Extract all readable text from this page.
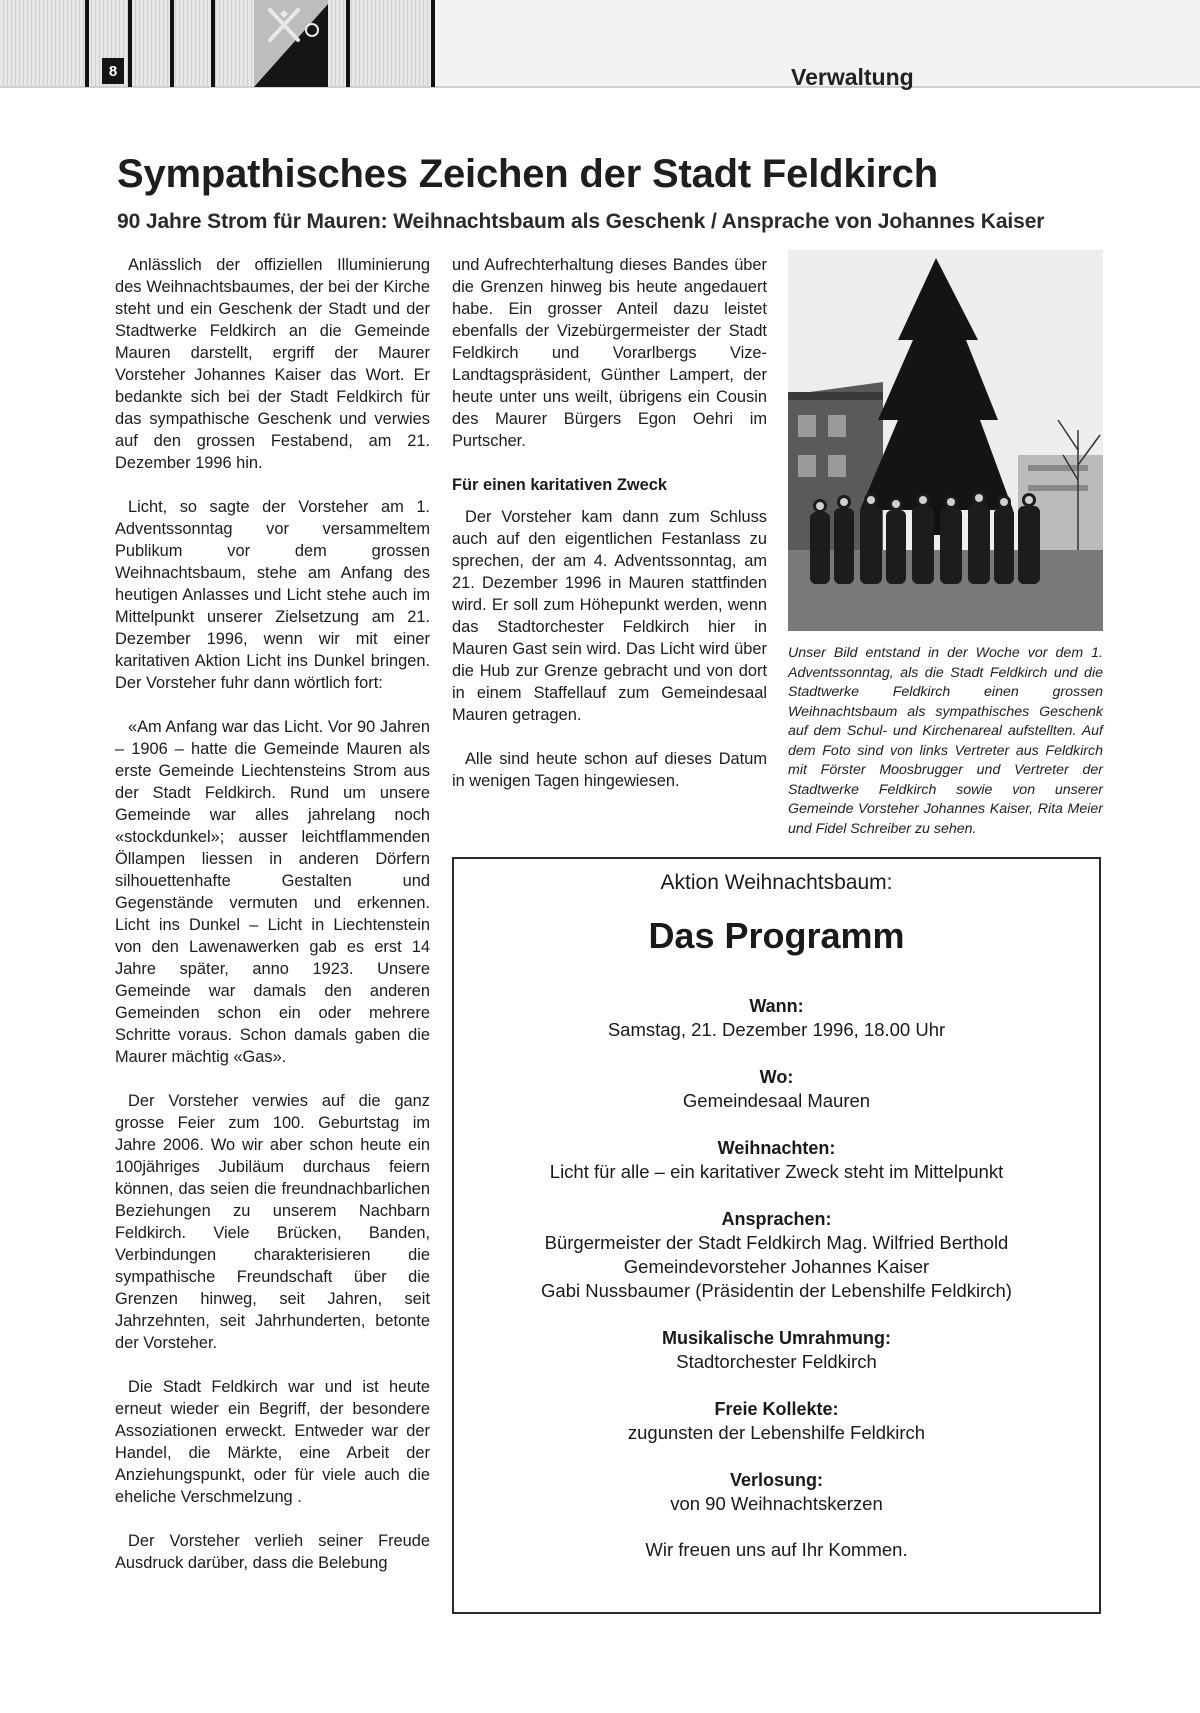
8	Verwaltung
Sympathisches Zeichen der Stadt Feldkirch
90 Jahre Strom für Mauren: Weihnachtsbaum als Geschenk / Ansprache von Johannes Kaiser

Anlässlich der offiziellen Illuminierung des Weihnachtsbaumes, der bei der Kirche steht und ein Geschenk der Stadt und der Stadtwerke Feldkirch an die Gemeinde Mauren darstellt, ergriff der Maurer Vorsteher Johannes Kaiser das Wort. Er bedankte sich bei der Stadt Feldkirch für das sympathische Geschenk und verwies auf den grossen Festabend, am 21. Dezember 1996 hin.

Licht, so sagte der Vorsteher am 1. Adventssonntag vor versammeltem Publikum vor dem grossen Weihnachtsbaum, stehe am Anfang des heutigen Anlasses und Licht stehe auch im Mittelpunkt unserer Zielsetzung am 21. Dezember 1996, wenn wir mit einer karitativen Aktion Licht ins Dunkel bringen. Der Vorsteher fuhr dann wörtlich fort:

«Am Anfang war das Licht. Vor 90 Jahren – 1906 – hatte die Gemeinde Mauren als erste Gemeinde Liechtensteins Strom aus der Stadt Feldkirch. Rund um unsere Gemeinde war alles jahrelang noch «stockdunkel»; ausser leichtflammenden Öllampen liessen in anderen Dörfern silhouettenhafte Gestalten und Gegenstände vermuten und erkennen. Licht ins Dunkel – Licht in Liechtenstein von den Lawenawerken gab es erst 14 Jahre später, anno 1923. Unsere Gemeinde war damals den anderen Gemeinden schon ein oder mehrere Schritte voraus. Schon damals gaben die Maurer mächtig «Gas».

Der Vorsteher verwies auf die ganz grosse Feier zum 100. Geburtstag im Jahre 2006. Wo wir aber schon heute ein 100jähriges Jubiläum durchaus feiern können, das seien die freundnachbarlichen Beziehungen zu unserem Nachbarn Feldkirch. Viele Brücken, Banden, Verbindungen charakterisieren die sympathische Freundschaft über die Grenzen hinweg, seit Jahren, seit Jahrzehnten, seit Jahrhunderten, betonte der Vorsteher.

Die Stadt Feldkirch war und ist heute erneut wieder ein Begriff, der besondere Assoziationen erweckt. Entweder war der Handel, die Märkte, eine Arbeit der Anziehungspunkt, oder für viele auch die eheliche Verschmelzung .

Der Vorsteher verlieh seiner Freude Ausdruck darüber, dass die Belebung

und Aufrechterhaltung dieses Bandes über die Grenzen hinweg bis heute angedauert habe. Ein grosser Anteil dazu leistet ebenfalls der Vizebürgermeister der Stadt Feldkirch und Vorarlbergs Vize-Landtagspräsident, Günther Lampert, der heute unter uns weilt, übrigens ein Cousin des Maurer Bürgers Egon Oehri im Purtscher.

Für einen karitativen Zweck

Der Vorsteher kam dann zum Schluss auch auf den eigentlichen Festanlass zu sprechen, der am 4. Adventssonntag, am 21. Dezember 1996 in Mauren stattfinden wird. Er soll zum Höhepunkt werden, wenn das Stadtorchester Feldkirch hier in Mauren Gast sein wird. Das Licht wird über die Hub zur Grenze gebracht und von dort in einem Staffellauf zum Gemeindesaal Mauren getragen.

Alle sind heute schon auf dieses Datum in wenigen Tagen hingewiesen.

Unser Bild entstand in der Woche vor dem 1. Adventssonntag, als die Stadt Feldkirch und die Stadtwerke Feldkirch einen grossen Weihnachtsbaum als sympathisches Geschenk auf dem Schul- und Kirchenareal aufstellten. Auf dem Foto sind von links Vertreter aus Feldkirch mit Förster Moosbrugger und Vertreter der Stadtwerke Feldkirch sowie von unserer Gemeinde Vorsteher Johannes Kaiser, Rita Meier und Fidel Schreiber zu sehen.
Aktion Weihnachtsbaum:
Das Programm
Wann:
Samstag, 21. Dezember 1996, 18.00 Uhr
Wo:
Gemeindesaal Mauren
Weihnachten:
Licht für alle – ein karitativer Zweck steht im Mittelpunkt
Ansprachen:
Bürgermeister der Stadt Feldkirch Mag. Wilfried Berthold
Gemeindevorsteher Johannes Kaiser
Gabi Nussbaumer (Präsidentin der Lebenshilfe Feldkirch)
Musikalische Umrahmung:
Stadtorchester Feldkirch
Freie Kollekte:
zugunsten der Lebenshilfe Feldkirch
Verlosung:
von 90 Weihnachtskerzen
Wir freuen uns auf Ihr Kommen.
